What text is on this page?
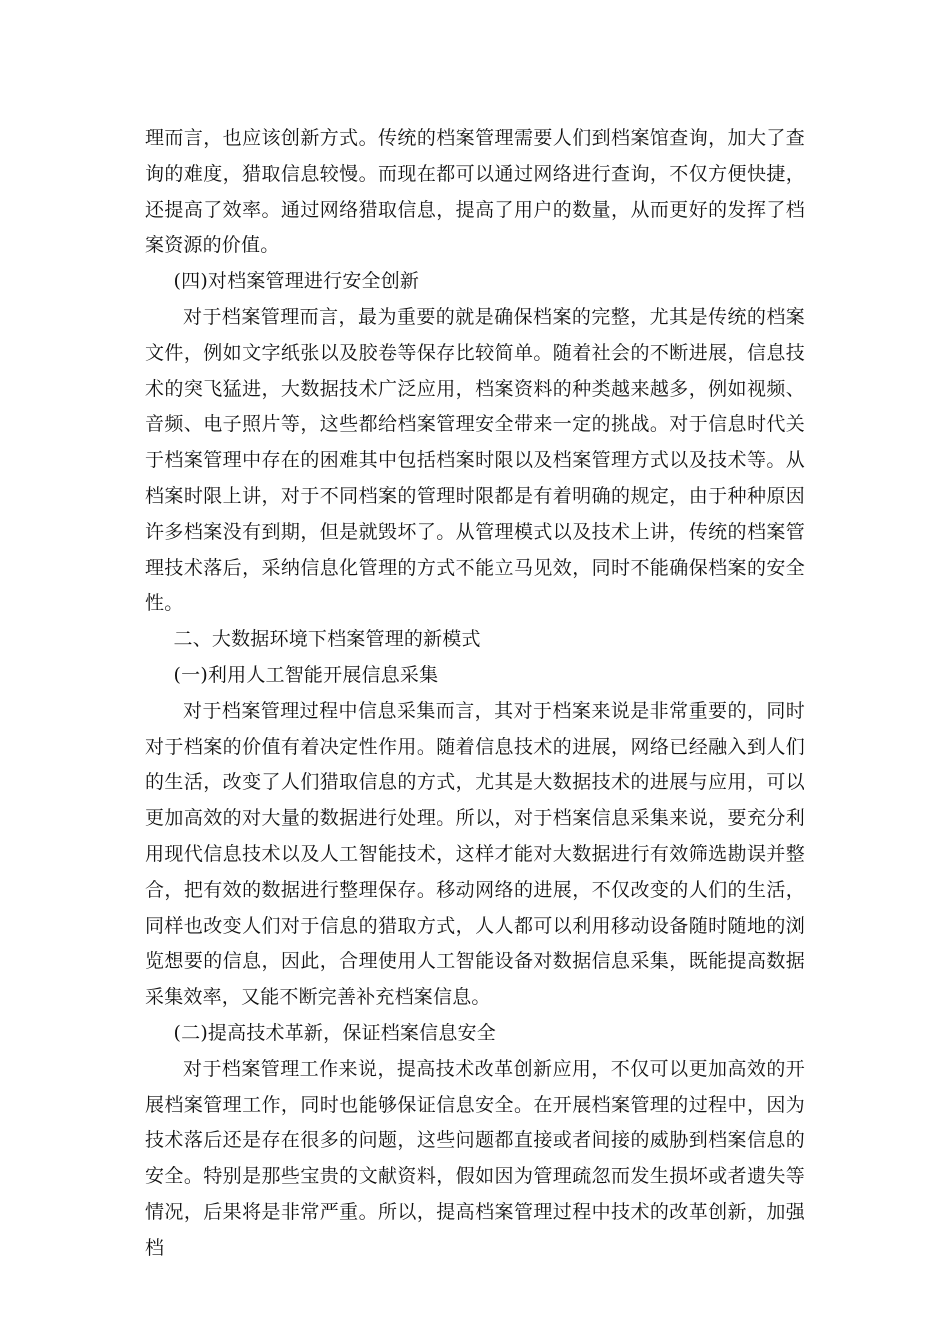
理而言，也应该创新方式。传统的档案管理需要人们到档案馆查询，加大了查询的难度，猎取信息较慢。而现在都可以通过网络进行查询，不仅方便快捷，还提高了效率。通过网络猎取信息，提高了用户的数量，从而更好的发挥了档案资源的价值。

(四)对档案管理进行安全创新

对于档案管理而言，最为重要的就是确保档案的完整，尤其是传统的档案文件，例如文字纸张以及胶卷等保存比较简单。随着社会的不断进展，信息技术的突飞猛进，大数据技术广泛应用，档案资料的种类越来越多，例如视频、音频、电子照片等，这些都给档案管理安全带来一定的挑战。对于信息时代关于档案管理中存在的困难其中包括档案时限以及档案管理方式以及技术等。从档案时限上讲，对于不同档案的管理时限都是有着明确的规定，由于种种原因许多档案没有到期，但是就毁坏了。从管理模式以及技术上讲，传统的档案管理技术落后，采纳信息化管理的方式不能立马见效，同时不能确保档案的安全性。

二、大数据环境下档案管理的新模式

(一)利用人工智能开展信息采集

对于档案管理过程中信息采集而言，其对于档案来说是非常重要的，同时对于档案的价值有着决定性作用。随着信息技术的进展，网络已经融入到人们的生活，改变了人们猎取信息的方式，尤其是大数据技术的进展与应用，可以更加高效的对大量的数据进行处理。所以，对于档案信息采集来说，要充分利用现代信息技术以及人工智能技术，这样才能对大数据进行有效筛选勘误并整合，把有效的数据进行整理保存。移动网络的进展，不仅改变的人们的生活，同样也改变人们对于信息的猎取方式，人人都可以利用移动设备随时随地的浏览想要的信息，因此，合理使用人工智能设备对数据信息采集，既能提高数据采集效率，又能不断完善补充档案信息。

(二)提高技术革新，保证档案信息安全

对于档案管理工作来说，提高技术改革创新应用，不仅可以更加高效的开展档案管理工作，同时也能够保证信息安全。在开展档案管理的过程中，因为技术落后还是存在很多的问题，这些问题都直接或者间接的威胁到档案信息的安全。特别是那些宝贵的文献资料，假如因为管理疏忽而发生损坏或者遗失等情况，后果将是非常严重。所以，提高档案管理过程中技术的改革创新，加强档
